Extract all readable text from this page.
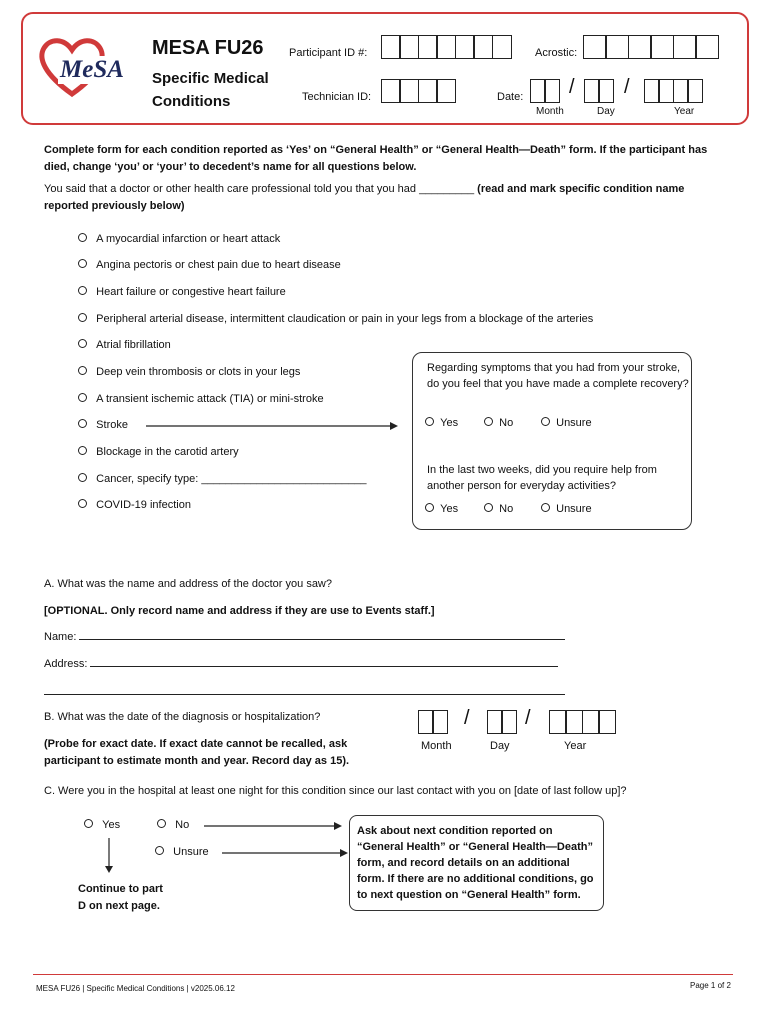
MeSA
MESA FU26
Specific Medical
Conditions
Participant ID #:	Acrostic:
Technician ID:	Date: / /
Month	Day	Year
Complete form for each condition reported as ‘Yes’ on “General Health” or “General Health—Death” form. If the participant has died, change ‘you’ or ‘your’ to decedent’s name for all questions below.
You said that a doctor or other health care professional told you that you had _________ (read and mark specific condition name reported previously below)
A myocardial infarction or heart attack
Angina pectoris or chest pain due to heart disease
Heart failure or congestive heart failure
Peripheral arterial disease, intermittent claudication or pain in your legs from a blockage of the arteries
Atrial fibrillation
Deep vein thrombosis or clots in your legs
A transient ischemic attack (TIA) or mini-stroke
Stroke
Blockage in the carotid artery
Cancer, specify type: ___________________________
COVID-19 infection
Regarding symptoms that you had from your stroke, do you feel that you have made a complete recovery?
Yes	No	Unsure
In the last two weeks, did you require help from another person for everyday activities?
Yes	No	Unsure
A. What was the name and address of the doctor you saw?
[OPTIONAL. Only record name and address if they are use to Events staff.]
Name:
Address:
B. What was the date of the diagnosis or hospitalization?
(Probe for exact date. If exact date cannot be recalled, ask participant to estimate month and year. Record day as 15).
/	/
Month	Day	Year
C. Were you in the hospital at least one night for this condition since our last contact with you on [date of last follow up]?
Yes	No
Unsure
Continue to part
D on next page.
Ask about next condition reported on “General Health” or “General Health—Death” form, and record details on an additional form. If there are no additional conditions, go to next question on “General Health” form.
MESA FU26 | Specific Medical Conditions | v2025.06.12	Page 1 of 2
